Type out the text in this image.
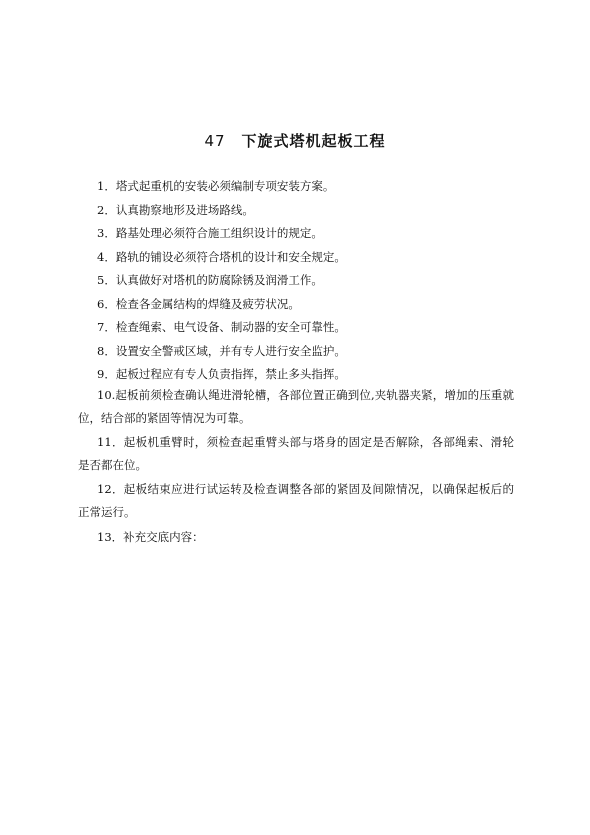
47 下旋式塔机起板工程
1．塔式起重机的安装必须编制专项安装方案。
2．认真勘察地形及进场路线。
3．路基处理必须符合施工组织设计的规定。
4．路轨的铺设必须符合塔机的设计和安全规定。
5．认真做好对塔机的防腐除锈及润滑工作。
6．检查各金属结构的焊缝及疲劳状况。
7．检查绳索、电气设备、制动器的安全可靠性。
8．设置安全警戒区域，并有专人进行安全监护。
9．起板过程应有专人负责指挥，禁止多头指挥。
10.起板前须检查确认绳进滑轮槽，各部位置正确到位,夹轨器夹紧，增加的压重就位，结合部的紧固等情况为可靠。
11．起板机重臂时，须检查起重臂头部与塔身的固定是否解除，各部绳索、滑轮是否都在位。
12．起板结束应进行试运转及检查调整各部的紧固及间隙情况，以确保起板后的正常运行。
13．补充交底内容：
